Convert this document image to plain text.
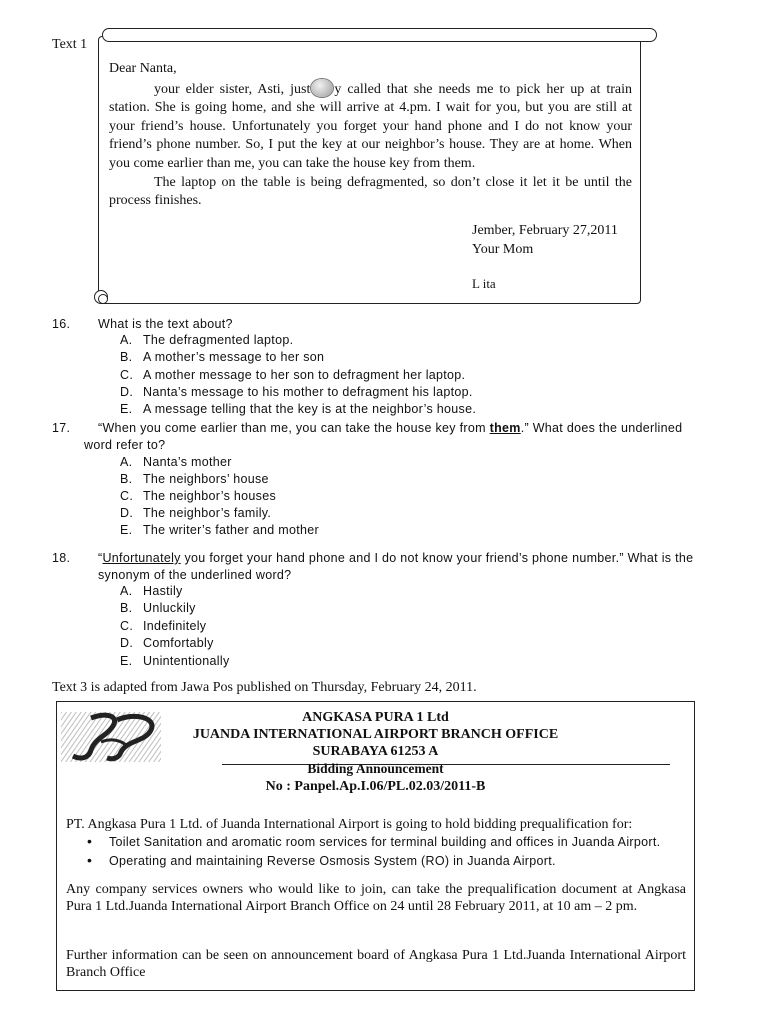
Text 1

Dear Nanta,

your elder sister, Asti, just y called that she needs me to pick her up at train station. She is going home, and she will arrive at 4.pm. I wait for you, but you are still at your friend’s house. Unfortunately you forget your hand phone and I do not know your friend’s phone number. So, I put the key at our neighbor’s house. They are at home. When you come earlier than me, you can take the house key from them.

The laptop on the table is being defragmented, so don’t close it let it be until the process finishes.

Jember, February 27,2011
Your Mom
L ita
16. What is the text about?
A. The defragmented laptop.
B. A mother’s message to her son
C. A mother message to her son to defragment her laptop.
D. Nanta’s message to his mother to defragment his laptop.
E. A message telling that the key is at the neighbor’s house.
17.	“When you come earlier than me, you can take the house key from them.” What does the underlined word refer to?
A. Nanta’s mother
B. The neighbors’ house
C. The neighbor’s houses
D. The neighbor’s family.
E. The writer’s father and mother
18. “Unfortunately you forget your hand phone and I do not know your friend’s phone number.” What is the synonym of the underlined word?
A. Hastily
B. Unluckily
C. Indefinitely
D. Comfortably
E. Unintentionally
Text 3 is adapted from Jawa Pos published on Thursday, February 24, 2011.
ANGKASA PURA 1 Ltd
JUANDA INTERNATIONAL AIRPORT BRANCH OFFICE
SURABAYA 61253 A
Bidding Announcement
No : Panpel.Ap.I.06/PL.02.03/2011-B
PT. Angkasa Pura 1 Ltd. of Juanda International Airport is going to hold bidding prequalification for:
• Toilet Sanitation and aromatic room services for terminal building and offices in Juanda Airport.
• Operating and maintaining Reverse Osmosis System (RO) in Juanda Airport.
Any company services owners who would like to join, can take the prequalification document at Angkasa Pura 1 Ltd.Juanda International Airport Branch Office on 24 until 28 February 2011, at 10 am – 2 pm.
Further information can be seen on announcement board of Angkasa Pura 1 Ltd.Juanda International Airport Branch Office
